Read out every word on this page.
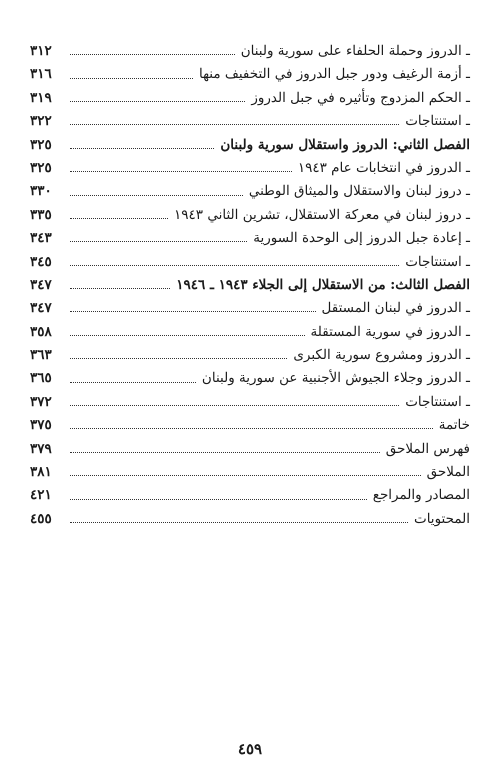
ـ الدروز وحملة الحلفاء على سورية ولبنان
٣١٢
ـ أزمة الرغيف ودور جبل الدروز في التخفيف منها
٣١٦
ـ الحكم المزدوج وتأثيره في جبل الدروز
٣١٩
ـ استنتاجات
٣٢٢
الفصل الثاني: الدروز واستقلال سورية ولبنان
٣٢٥
ـ الدروز في انتخابات عام ١٩٤٣
٣٢٥
ـ دروز لبنان والاستقلال والميثاق الوطني
٣٣٠
ـ دروز لبنان في معركة الاستقلال، تشرين الثاني ١٩٤٣
٣٣٥
ـ إعادة جبل الدروز إلى الوحدة السورية
٣٤٣
ـ استنتاجات
٣٤٥
الفصل الثالث: من الاستقلال إلى الجلاء ١٩٤٣ ـ ١٩٤٦
٣٤٧
ـ الدروز في لبنان المستقل
٣٤٧
ـ الدروز في سورية المستقلة
٣٥٨
ـ الدروز ومشروع سورية الكبرى
٣٦٣
ـ الدروز وجلاء الجيوش الأجنبية عن سورية ولبنان
٣٦٥
ـ استنتاجات
٣٧٢
خاتمة
٣٧٥
فهرس الملاحق
٣٧٩
الملاحق
٣٨١
المصادر والمراجع
٤٢١
المحتويات
٤٥٥
٤٥٩
